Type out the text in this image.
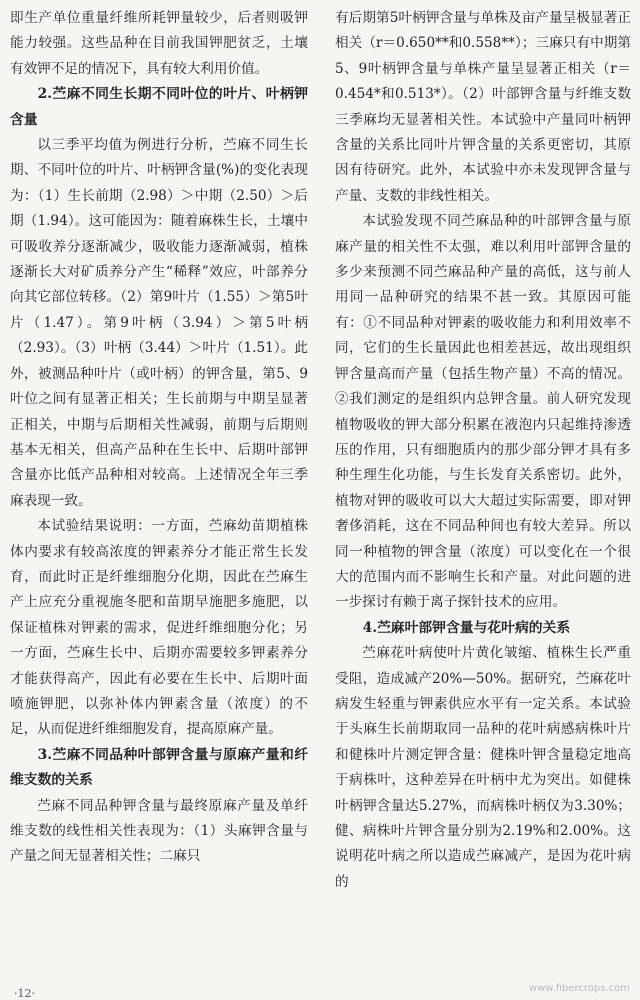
即生产单位重量纤维所耗钾量较少，后者则吸钾能力较强。这些品种在目前我国钾肥贫乏，土壤有效钾不足的情况下，具有较大利用价值。

2.苎麻不同生长期不同叶位的叶片、叶柄钾含量

以三季平均值为例进行分析，苎麻不同生长期、不同叶位的叶片、叶柄钾含量(%)的变化表现为：（1）生长前期（2.98）＞中期（2.50）＞后期（1.94）。这可能因为：随着麻株生长，土壤中可吸收养分逐渐减少，吸收能力逐渐减弱，植株逐渐长大对矿质养分产生“稀释”效应，叶部养分向其它部位转移。（2）第9叶片（1.55）＞第5叶片（1.47）。第9叶柄（3.94）＞第5叶柄（2.93）。（3）叶柄（3.44）＞叶片（1.51）。此外，被测品种叶片（或叶柄）的钾含量，第5、9叶位之间有显著正相关；生长前期与中期呈显著正相关，中期与后期相关性减弱，前期与后期则基本无相关，但高产品种在生长中、后期叶部钾含量亦比低产品种相对较高。上述情况全年三季麻表现一致。

本试验结果说明：一方面，苎麻幼苗期植株体内要求有较高浓度的钾素养分才能正常生长发育，而此时正是纤维细胞分化期，因此在苎麻生产上应充分重视施冬肥和苗期早施肥多施肥，以保证植株对钾素的需求，促进纤维细胞分化；另一方面，苎麻生长中、后期亦需要较多钾素养分才能获得高产，因此有必要在生长中、后期叶面喷施钾肥，以弥补体内钾素含量（浓度）的不足，从而促进纤维细胞发育，提高原麻产量。

3.苎麻不同品种叶部钾含量与原麻产量和纤维支数的关系

苎麻不同品种钾含量与最终原麻产量及单纤维支数的线性相关性表现为：（1）头麻钾含量与产量之间无显著相关性；二麻只

有后期第5叶柄钾含量与单株及亩产量呈极显著正相关（r＝0.650**和0.558**）；三麻只有中期第5、9叶柄钾含量与单株产量呈显著正相关（r＝0.454*和0.513*）。（2）叶部钾含量与纤维支数三季麻均无显著相关性。本试验中产量同叶柄钾含量的关系比同叶片钾含量的关系更密切，其原因有待研究。此外，本试验中亦未发现钾含量与产量、支数的非线性相关。

本试验发现不同苎麻品种的叶部钾含量与原麻产量的相关性不太强，难以利用叶部钾含量的多少来预测不同苎麻品种产量的高低，这与前人用同一品种研究的结果不甚一致。其原因可能有：①不同品种对钾素的吸收能力和利用效率不同，它们的生长量因此也相差甚远，故出现组织钾含量高而产量（包括生物产量）不高的情况。②我们测定的是组织内总钾含量。前人研究发现植物吸收的钾大部分积累在液泡内只起维持渗透压的作用，只有细胞质内的那少部分钾才具有多种生理生化功能，与生长发育关系密切。此外，植物对钾的吸收可以大大超过实际需要，即对钾奢侈消耗，这在不同品种间也有较大差异。所以同一种植物的钾含量（浓度）可以变化在一个很大的范围内而不影响生长和产量。对此问题的进一步探讨有赖于离子探针技术的应用。

4.苎麻叶部钾含量与花叶病的关系

苎麻花叶病使叶片黄化皱缩、植株生长严重受阻，造成减产20%—50%。据研究，苎麻花叶病发生轻重与钾素供应水平有一定关系。本试验于头麻生长前期取同一品种的花叶病感病株叶片和健株叶片测定钾含量：健株叶钾含量稳定地高于病株叶，这种差异在叶柄中尤为突出。如健株叶柄钾含量达5.27%，而病株叶柄仅为3.30%；健、病株叶片钾含量分别为2.19%和2.00%。这说明花叶病之所以造成苎麻减产，是因为花叶病的

·12·	www.fibercrops.com
